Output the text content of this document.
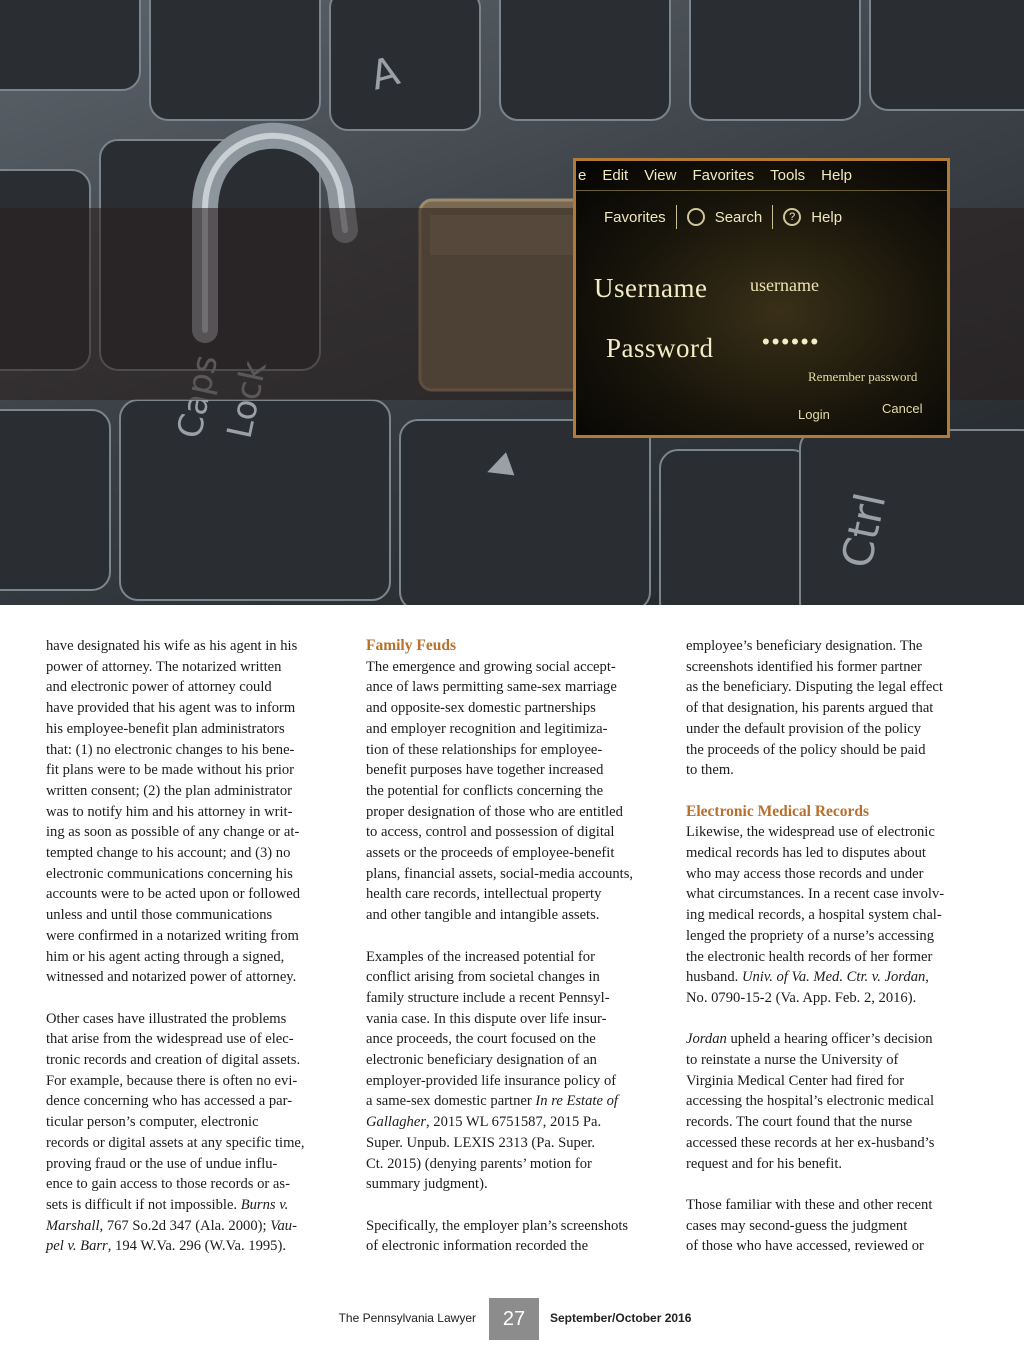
A
Ctrl
◀
e Edit View Favorites Tools Help
Favorites	Search	?	Help
Username username
Password ••••••
Remember password
Login	Cancel

have designated his wife as his agent in his
power of attorney. The notarized written
and electronic power of attorney could
have provided that his agent was to inform
his employee-benefit plan administrators
that: (1) no electronic changes to his bene-
fit plans were to be made without his prior
written consent; (2) the plan administrator
was to notify him and his attorney in writ-
ing as soon as possible of any change or at-
tempted change to his account; and (3) no
electronic communications concerning his
accounts were to be acted upon or followed
unless and until those communications
were confirmed in a notarized writing from
him or his agent acting through a signed,
witnessed and notarized power of attorney.

Other cases have illustrated the problems
that arise from the widespread use of elec-
tronic records and creation of digital assets.
For example, because there is often no evi-
dence concerning who has accessed a par-
ticular person’s computer, electronic
records or digital assets at any specific time,
proving fraud or the use of undue influ-
ence to gain access to those records or as-
sets is difficult if not impossible. Burns v.
Marshall, 767 So.2d 347 (Ala. 2000); Vau-
pel v. Barr, 194 W.Va. 296 (W.Va. 1995).

Family Feuds

The emergence and growing social accept-
ance of laws permitting same-sex marriage
and opposite-sex domestic partnerships
and employer recognition and legitimiza-
tion of these relationships for employee-
benefit purposes have together increased
the potential for conflicts concerning the
proper designation of those who are entitled
to access, control and possession of digital
assets or the proceeds of employee-benefit
plans, financial assets, social-media accounts,
health care records, intellectual property
and other tangible and intangible assets.

Examples of the increased potential for
conflict arising from societal changes in
family structure include a recent Pennsyl-
vania case. In this dispute over life insur-
ance proceeds, the court focused on the
electronic beneficiary designation of an
employer-provided life insurance policy of
a same-sex domestic partner In re Estate of
Gallagher, 2015 WL 6751587, 2015 Pa.
Super. Unpub. LEXIS 2313 (Pa. Super.
Ct. 2015) (denying parents’ motion for
summary judgment).

Specifically, the employer plan’s screenshots
of electronic information recorded the

employee’s beneficiary designation. The
screenshots identified his former partner
as the beneficiary. Disputing the legal effect
of that designation, his parents argued that
under the default provision of the policy
the proceeds of the policy should be paid
to them.

Electronic Medical Records

Likewise, the widespread use of electronic
medical records has led to disputes about
who may access those records and under
what circumstances. In a recent case involv-
ing medical records, a hospital system chal-
lenged the propriety of a nurse’s accessing
the electronic health records of her former
husband. Univ. of Va. Med. Ctr. v. Jordan,
No. 0790-15-2 (Va. App. Feb. 2, 2016).

Jordan upheld a hearing officer’s decision
to reinstate a nurse the University of
Virginia Medical Center had fired for
accessing the hospital’s electronic medical
records. The court found that the nurse
accessed these records at her ex-husband’s
request and for his benefit.

Those familiar with these and other recent
cases may second-guess the judgment
of those who have accessed, reviewed or

The Pennsylvania Lawyer	27	September/October 2016
